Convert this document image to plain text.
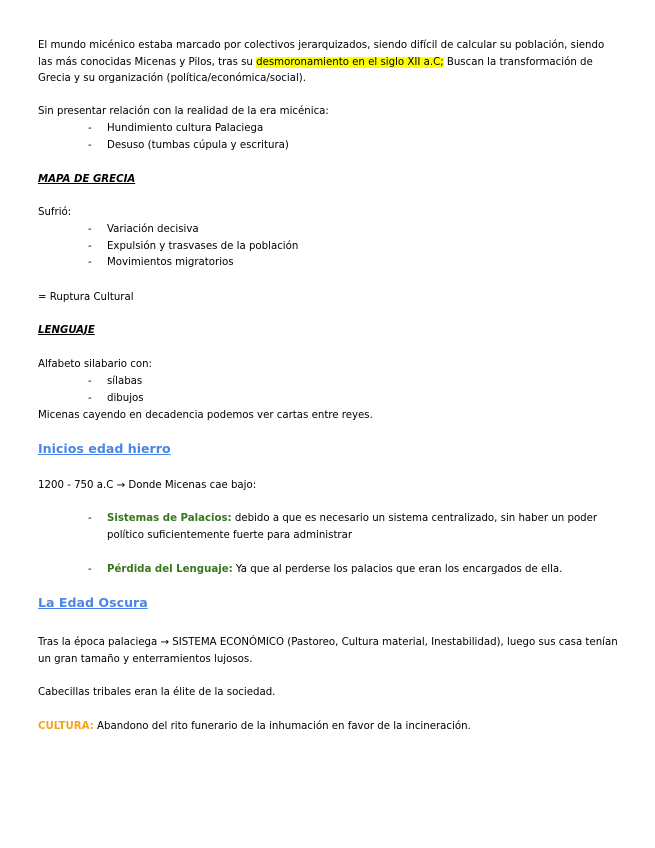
El mundo micénico estaba marcado por colectivos jerarquizados, siendo difícil de calcular su población, siendo las más conocidas Micenas y Pilos, tras su desmoronamiento en el siglo XII a.C; Buscan la transformación de Grecia y su organización (política/económica/social).

Sin presentar relación con la realidad de la era micénica:

- Hundimiento cultura Palaciega
- Desuso (tumbas cúpula y escritura)

MAPA DE GRECIA

Sufrió:

- Variación decisiva
- Expulsión y trasvases de la población
- Movimientos migratorios

= Ruptura Cultural

LENGUAJE

Alfabeto silabario con:

- sílabas
- dibujos

Micenas cayendo en decadencia podemos ver cartas entre reyes.

Inicios edad hierro

1200 - 750 a.C → Donde Micenas cae bajo:

- Sistemas de Palacios: debido a que es necesario un sistema centralizado, sin haber un poder político suficientemente fuerte para administrar
- Pérdida del Lenguaje: Ya que al perderse los palacios que eran los encargados de ella.

La Edad Oscura

Tras la época palaciega → SISTEMA ECONÓMICO (Pastoreo, Cultura material, Inestabilidad), luego sus casa tenían un gran tamaño y enterramientos lujosos.

Cabecillas tribales eran la élite de la sociedad.

CULTURA: Abandono del rito funerario de la inhumación en favor de la incineración.
